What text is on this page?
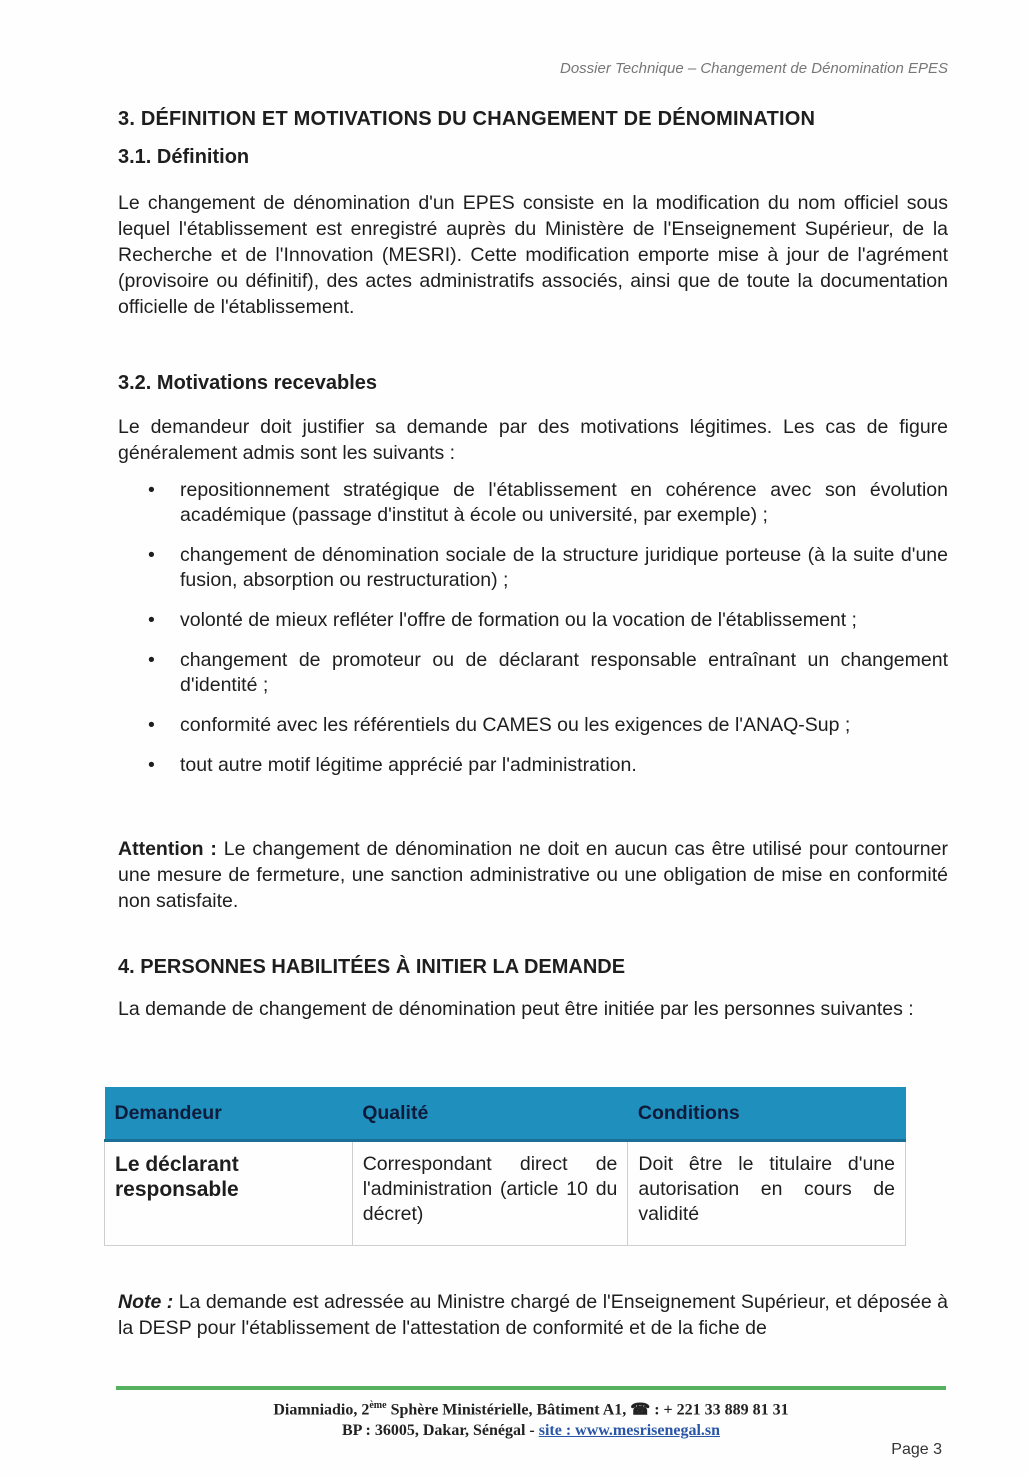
Dossier Technique – Changement de Dénomination EPES
3. DÉFINITION ET MOTIVATIONS DU CHANGEMENT DE DÉNOMINATION
3.1. Définition
Le changement de dénomination d'un EPES consiste en la modification du nom officiel sous lequel l'établissement est enregistré auprès du Ministère de l'Enseignement Supérieur, de la Recherche et de l'Innovation (MESRI). Cette modification emporte mise à jour de l'agrément (provisoire ou définitif), des actes administratifs associés, ainsi que de toute la documentation officielle de l'établissement.
3.2. Motivations recevables
Le demandeur doit justifier sa demande par des motivations légitimes. Les cas de figure généralement admis sont les suivants :
• repositionnement stratégique de l'établissement en cohérence avec son évolution académique (passage d'institut à école ou université, par exemple) ;
• changement de dénomination sociale de la structure juridique porteuse (à la suite d'une fusion, absorption ou restructuration) ;
• volonté de mieux refléter l'offre de formation ou la vocation de l'établissement ;
• changement de promoteur ou de déclarant responsable entraînant un changement d'identité ;
• conformité avec les référentiels du CAMES ou les exigences de l'ANAQ-Sup ;
• tout autre motif légitime apprécié par l'administration.
Attention : Le changement de dénomination ne doit en aucun cas être utilisé pour contourner une mesure de fermeture, une sanction administrative ou une obligation de mise en conformité non satisfaite.
4. PERSONNES HABILITÉES À INITIER LA DEMANDE
La demande de changement de dénomination peut être initiée par les personnes suivantes :
Demandeur	Qualité	Conditions
Le déclarant responsable	Correspondant direct de l'administration (article 10 du décret)	Doit être le titulaire d'une autorisation en cours de validité
Note : La demande est adressée au Ministre chargé de l'Enseignement Supérieur, et déposée à la DESP pour l'établissement de l'attestation de conformité et de la fiche de
Diamniadio, 2ème Sphère Ministérielle, Bâtiment A1, ☎ : + 221 33 889 81 31
BP : 36005, Dakar, Sénégal - site : www.mesrisenegal.sn
Page 3
